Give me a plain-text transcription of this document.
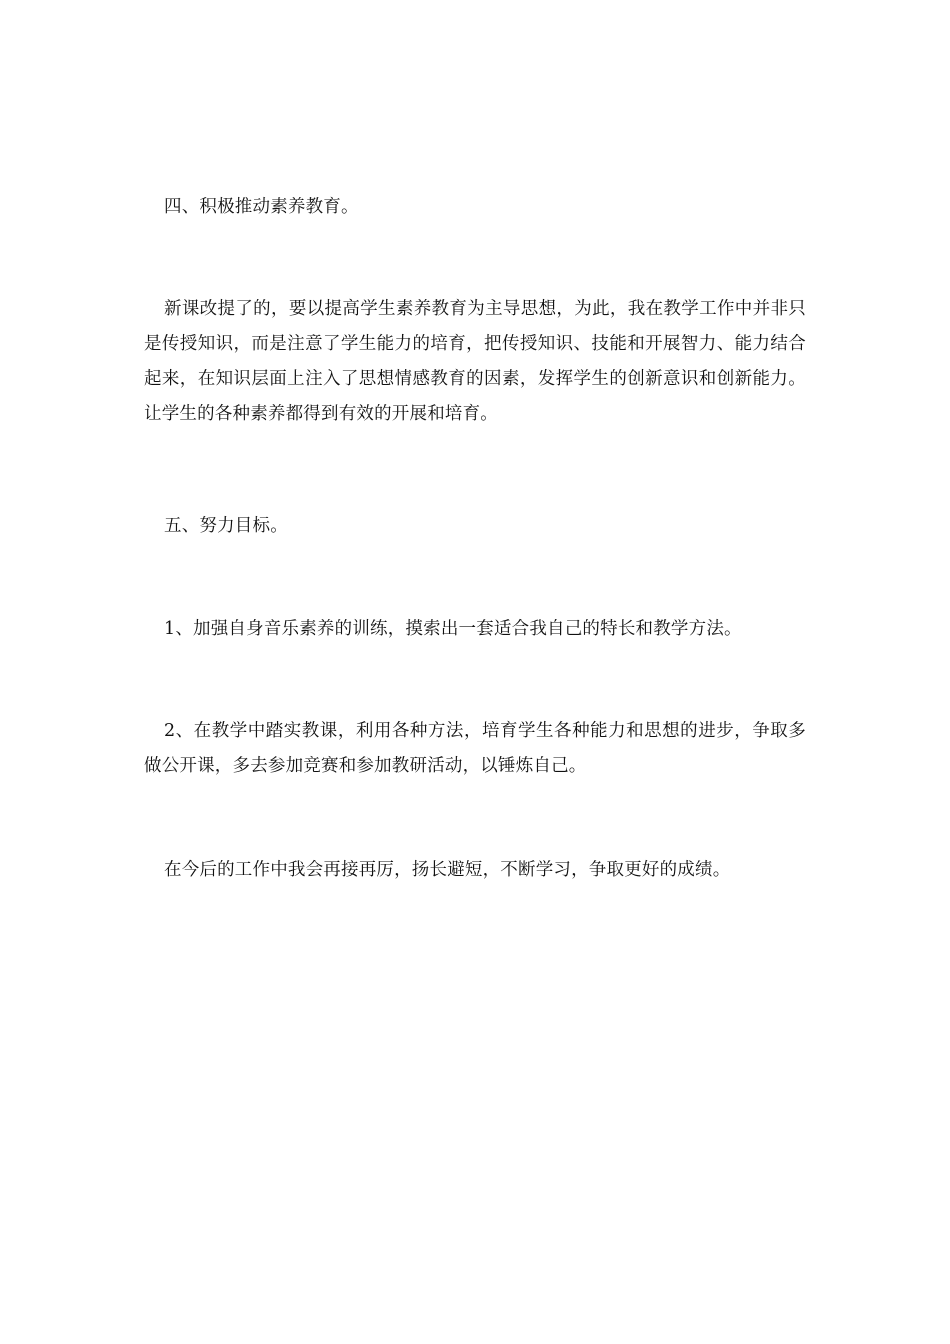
四、积极推动素养教育。

新课改提了的，要以提高学生素养教育为主导思想，为此，我在教学工作中并非只是传授知识，而是注意了学生能力的培育，把传授知识、技能和开展智力、能力结合起来，在知识层面上注入了思想情感教育的因素，发挥学生的创新意识和创新能力。让学生的各种素养都得到有效的开展和培育。

五、努力目标。

1、加强自身音乐素养的训练，摸索出一套适合我自己的特长和教学方法。

2、在教学中踏实教课，利用各种方法，培育学生各种能力和思想的进步，争取多做公开课，多去参加竞赛和参加教研活动，以锤炼自己。

在今后的工作中我会再接再厉，扬长避短，不断学习，争取更好的成绩。
